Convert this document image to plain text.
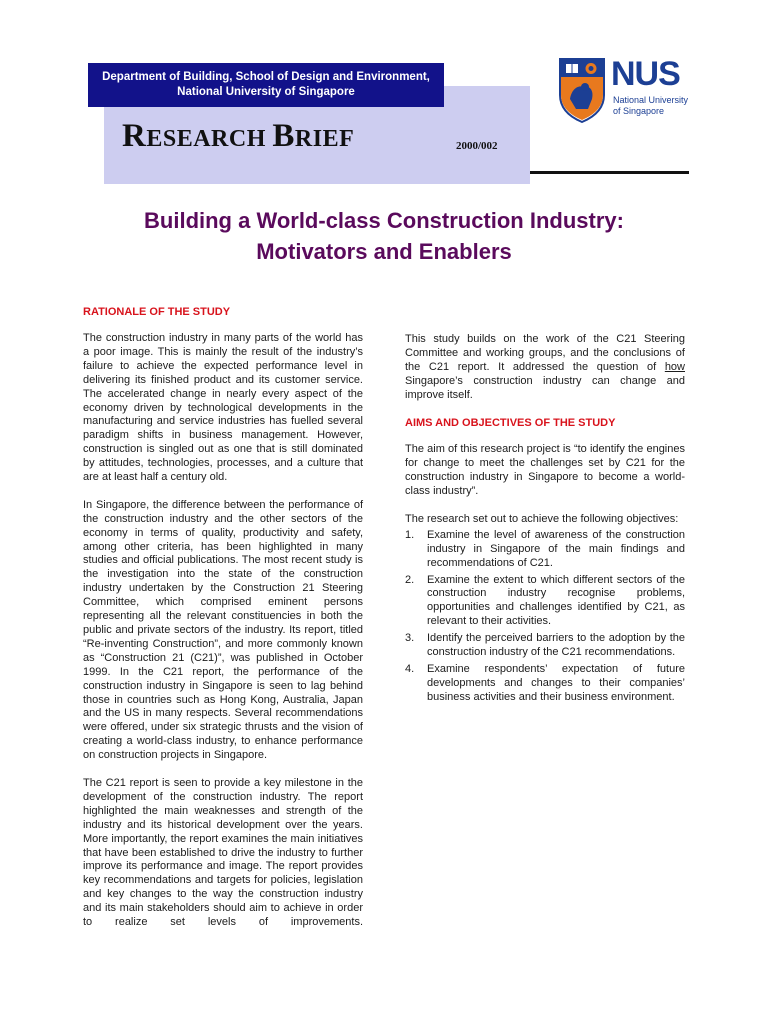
Department of Building, School of Design and Environment,
National University of Singapore
RESEARCH BRIEF	2000/002
NUS
National University
of Singapore
Building a World-class Construction Industry:
Motivators and Enablers
RATIONALE OF THE STUDY

The construction industry in many parts of the world has a poor image. This is mainly the result of the industry’s failure to achieve the expected performance level in delivering its finished product and its customer service. The accelerated change in nearly every aspect of the economy driven by technological developments in the manufacturing and service industries has fuelled several paradigm shifts in business management. However, construction is singled out as one that is still dominated by attitudes, technologies, processes, and a culture that are at least half a century old.

In Singapore, the difference between the performance of the construction industry and the other sectors of the economy in terms of quality, productivity and safety, among other criteria, has been highlighted in many studies and official publications. The most recent study is the investigation into the state of the construction industry undertaken by the Construction 21 Steering Committee, which comprised eminent persons representing all the relevant constituencies in both the public and private sectors of the industry. Its report, titled “Re-inventing Construction”, and more commonly known as “Construction 21 (C21)”, was published in October 1999. In the C21 report, the performance of the construction industry in Singapore is seen to lag behind those in countries such as Hong Kong, Australia, Japan and the US in many respects. Several recommendations were offered, under six strategic thrusts and the vision of creating a world-class industry, to enhance performance on construction projects in Singapore.

The C21 report is seen to provide a key milestone in the development of the construction industry. The report highlighted the main weaknesses and strength of the industry and its historical development over the years. More importantly, the report examines the main initiatives that have been established to drive the industry to further improve its performance and image. The report provides key recommendations and targets for policies, legislation and key changes to the way the construction industry and its main stakeholders should aim to achieve in order to realize set levels of improvements.

This study builds on the work of the C21 Steering Committee and working groups, and the conclusions of the C21 report. It addressed the question of how Singapore’s construction industry can change and improve itself.

AIMS AND OBJECTIVES OF THE STUDY

The aim of this research project is “to identify the engines for change to meet the challenges set by C21 for the construction industry in Singapore to become a world-class industry”.

The research set out to achieve the following objectives:

1.	Examine the level of awareness of the construction industry in Singapore of the main findings and recommendations of C21.
2.	Examine the extent to which different sectors of the construction industry recognise problems, opportunities and challenges identified by C21, as relevant to their activities.
3.	Identify the perceived barriers to the adoption by the construction industry of the C21 recommendations.
4.	Examine respondents’ expectation of future developments and changes to their companies’ business activities and their business environment.
